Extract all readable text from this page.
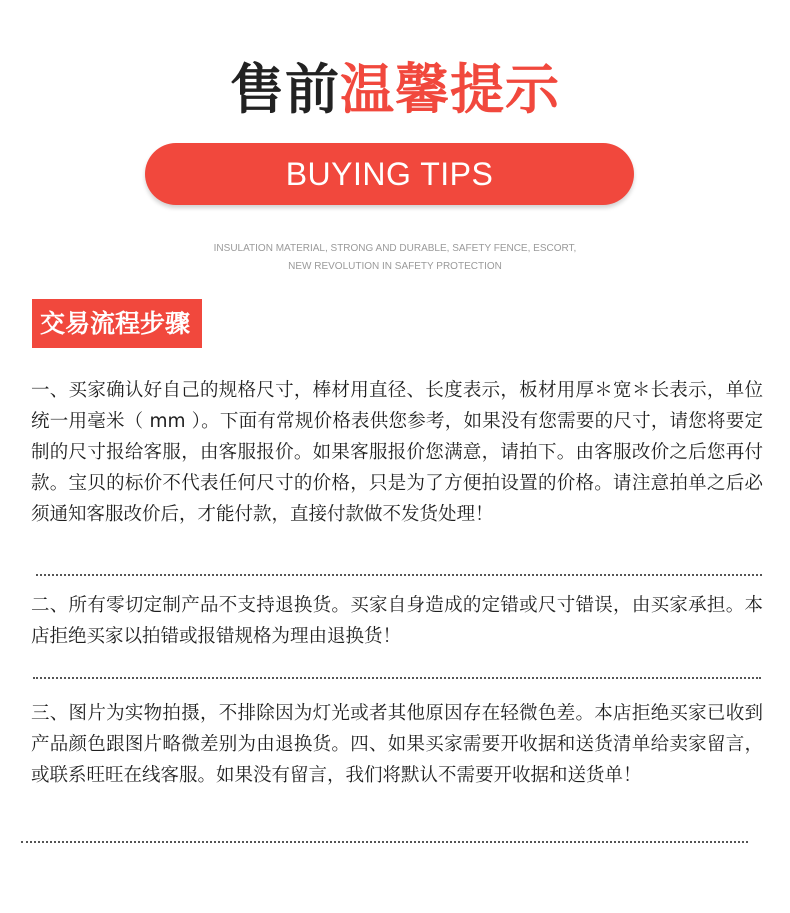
售前温馨提示
BUYING TIPS
INSULATION MATERIAL, STRONG AND DURABLE, SAFETY FENCE, ESCORT,
NEW REVOLUTION IN SAFETY PROTECTION
交易流程步骤
一、买家确认好自己的规格尺寸，棒材用直径、长度表示，板材用厚＊宽＊长表示，单位统一用毫米（ mm ）。下面有常规价格表供您参考，如果没有您需要的尺寸，请您将要定制的尺寸报给客服，由客服报价。如果客服报价您满意，请拍下。由客服改价之后您再付款。宝贝的标价不代表任何尺寸的价格，只是为了方便拍设置的价格。请注意拍单之后必须通知客服改价后，才能付款，直接付款做不发货处理！
二、所有零切定制产品不支持退换货。买家自身造成的定错或尺寸错误，由买家承担。本店拒绝买家以拍错或报错规格为理由退换货！
三、图片为实物拍摄，不排除因为灯光或者其他原因存在轻微色差。本店拒绝买家已收到产品颜色跟图片略微差别为由退换货。四、如果买家需要开收据和送货清单给卖家留言，或联系旺旺在线客服。如果没有留言，我们将默认不需要开收据和送货单！
